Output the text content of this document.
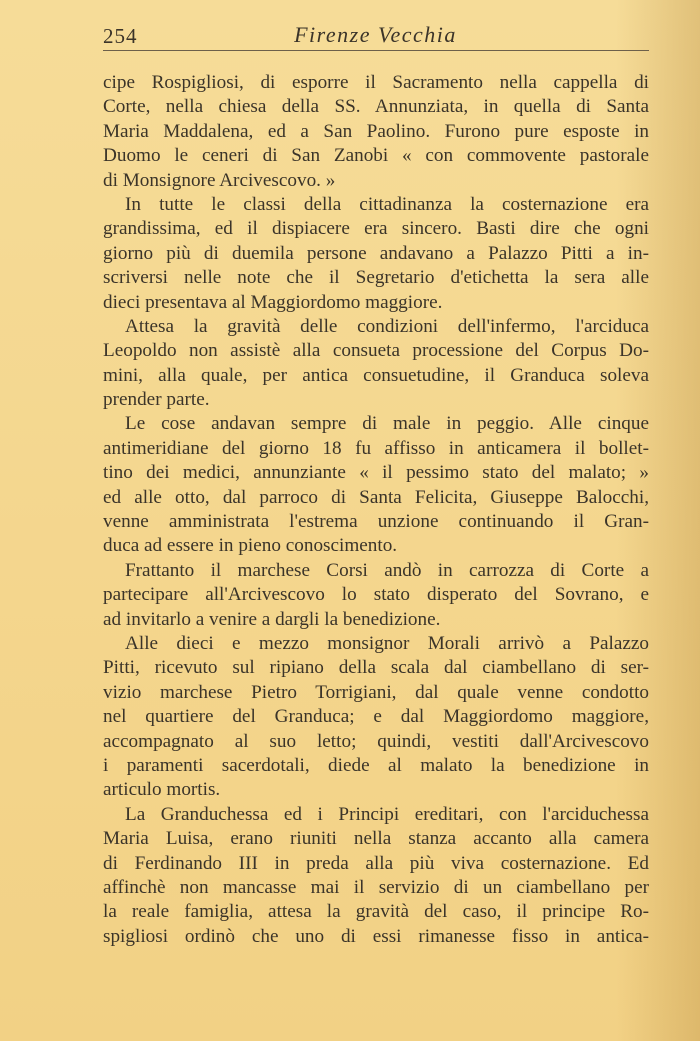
254	Firenze Vecchia
cipe Rospigliosi, di esporre il Sacramento nella cappella di
Corte, nella chiesa della SS. Annunziata, in quella di Santa
Maria Maddalena, ed a San Paolino. Furono pure esposte in
Duomo le ceneri di San Zanobi « con commovente pastorale
di Monsignore Arcivescovo. »
In tutte le classi della cittadinanza la costernazione era
grandissima, ed il dispiacere era sincero. Basti dire che ogni
giorno più di duemila persone andavano a Palazzo Pitti a in-
scriversi nelle note che il Segretario d'etichetta la sera alle
dieci presentava al Maggiordomo maggiore.
Attesa la gravità delle condizioni dell'infermo, l'arciduca
Leopoldo non assistè alla consueta processione del Corpus Do-
mini, alla quale, per antica consuetudine, il Granduca soleva
prender parte.
Le cose andavan sempre di male in peggio. Alle cinque
antimeridiane del giorno 18 fu affisso in anticamera il bollet-
tino dei medici, annunziante « il pessimo stato del malato; »
ed alle otto, dal parroco di Santa Felicita, Giuseppe Balocchi,
venne amministrata l'estrema unzione continuando il Gran-
duca ad essere in pieno conoscimento.
Frattanto il marchese Corsi andò in carrozza di Corte a
partecipare all'Arcivescovo lo stato disperato del Sovrano, e
ad invitarlo a venire a dargli la benedizione.
Alle dieci e mezzo monsignor Morali arrivò a Palazzo
Pitti, ricevuto sul ripiano della scala dal ciambellano di ser-
vizio marchese Pietro Torrigiani, dal quale venne condotto
nel quartiere del Granduca; e dal Maggiordomo maggiore,
accompagnato al suo letto; quindi, vestiti dall'Arcivescovo
i paramenti sacerdotali, diede al malato la benedizione in
articulo mortis.
La Granduchessa ed i Principi ereditari, con l'arciduchessa
Maria Luisa, erano riuniti nella stanza accanto alla camera
di Ferdinando III in preda alla più viva costernazione. Ed
affinchè non mancasse mai il servizio di un ciambellano per
la reale famiglia, attesa la gravità del caso, il principe Ro-
spigliosi ordinò che uno di essi rimanesse fisso in antica-
